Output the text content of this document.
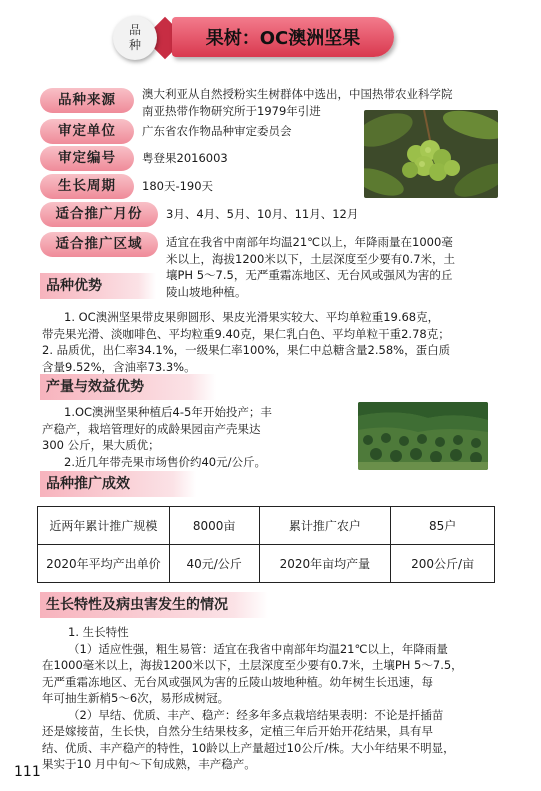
品
种	果树：OC澳洲坚果
品种来源	澳大利亚从自然授粉实生树群体中选出，中国热带农业科学院
南亚热带作物研究所于1979年引进
审定单位	广东省农作物品种审定委员会
审定编号	粤登果2016003
生长周期	180天-190天
适合推广月份	3月、4月、5月、10月、11月、12月
适合推广区域	适宜在我省中南部年均温21℃以上，年降雨量在1000毫
米以上，海拔1200米以下，土层深度至少要有0.7米，土
壤PH 5～7.5，无严重霜冻地区、无台风或强风为害的丘
陵山坡地种植。
品种优势
1. OC澳洲坚果带皮果卵圆形、果皮光滑果实较大、平均单粒重19.68克，
带壳果光滑、淡咖啡色、平均粒重9.40克，果仁乳白色、平均单粒干重2.78克；
2. 品质优，出仁率34.1%，一级果仁率100%，果仁中总糖含量2.58%，蛋白质
含量9.52%，含油率73.3%。
产量与效益优势
1.OC澳洲坚果种植后4-5年开始投产；丰
产稳产，栽培管理好的成龄果园亩产壳果达
300 公斤，果大质优；
2.近几年带壳果市场售价约40元/公斤。
品种推广成效
近两年累计推广规模	8000亩	累计推广农户	85户
2020年平均产出单价	40元/公斤	2020年亩均产量	200公斤/亩
生长特性及病虫害发生的情况
1. 生长特性
（1）适应性强，粗生易管：适宜在我省中南部年均温21℃以上，年降雨量
在1000毫米以上，海拔1200米以下，土层深度至少要有0.7米，土壤PH 5～7.5，
无严重霜冻地区、无台风或强风为害的丘陵山坡地种植。幼年树生长迅速，每
年可抽生新梢5～6次，易形成树冠。
（2）早结、优质、丰产、稳产：经多年多点栽培结果表明：不论是扦插苗
还是嫁接苗，生长快，自然分生结果枝多，定植三年后开始开花结果，具有早
结、优质、丰产稳产的特性，10龄以上产量超过10公斤/株。大小年结果不明显，
果实于10 月中旬～下旬成熟，丰产稳产。
111
